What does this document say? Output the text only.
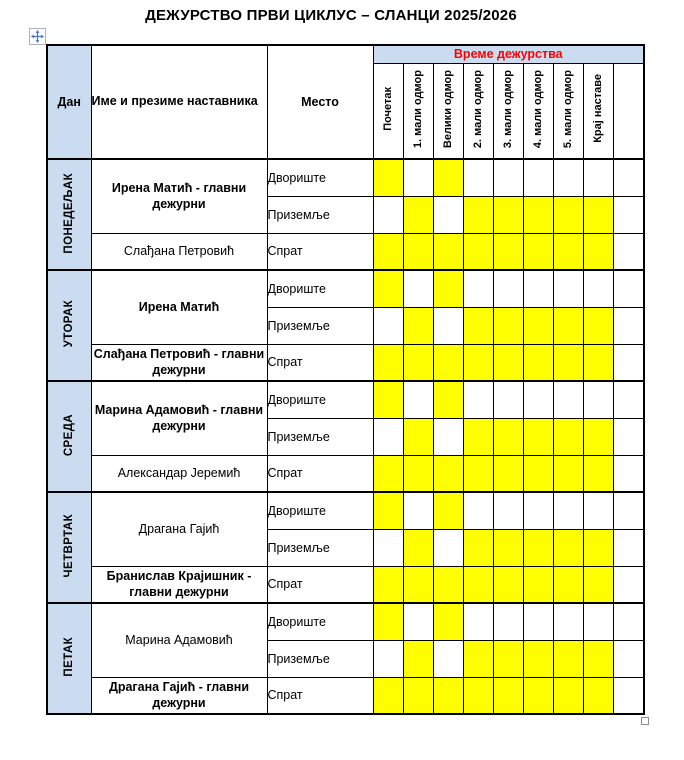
ДЕЖУРСТВО ПРВИ ЦИКЛУС – СЛАНЦИ 2025/2026
Дан	Име и презиме наставника	Место	Време дежурства								
			Почетак	1. мали одмор	Велики одмор	2. мали одмор	3. мали одмор	4. мали одмор	5. мали одмор	Крај наставе	
ПОНЕДЕЉАК	Ирена Матић - главни дежурни	Двориште									
		Приземље									
	Слађана Петровић	Спрат									
УТОРАК	Ирена Матић	Двориште									
		Приземље									
	Слађана Петровић - главни дежурни	Спрат									
СРЕДА	Марина Адамовић - главни дежурни	Двориште									
		Приземље									
	Александар Јеремић	Спрат									
ЧЕТВРТАК	Драгана Гајић	Двориште									
		Приземље									
	Бранислав Крајишник - главни дежурни	Спрат									
ПЕТАК	Марина Адамовић	Двориште									
		Приземље									
	Драгана Гајић - главни дежурни	Спрат									
